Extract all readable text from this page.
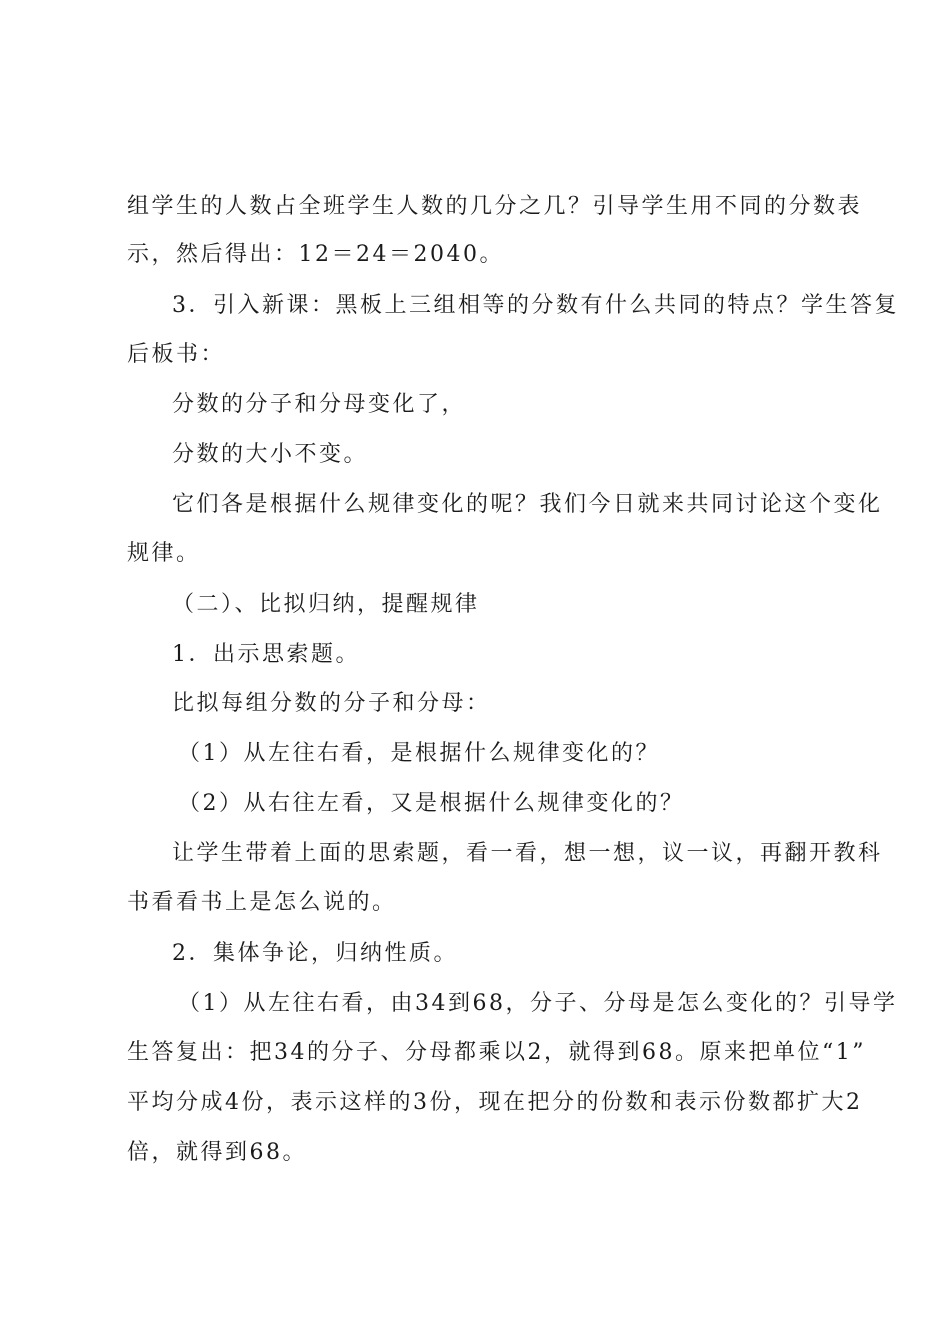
组学生的人数占全班学生人数的几分之几？引导学生用不同的分数表
示，然后得出：12＝24＝2040。
3．引入新课：黑板上三组相等的分数有什么共同的特点？学生答复
后板书：
分数的分子和分母变化了，
分数的大小不变。
它们各是根据什么规律变化的呢？我们今日就来共同讨论这个变化
规律。
（二）、比拟归纳，提醒规律
1．出示思索题。
比拟每组分数的分子和分母：
（1）从左往右看，是根据什么规律变化的？
（2）从右往左看，又是根据什么规律变化的？
让学生带着上面的思索题，看一看，想一想，议一议，再翻开教科
书看看书上是怎么说的。
2．集体争论，归纳性质。
（1）从左往右看，由34到68，分子、分母是怎么变化的？引导学
生答复出：把34的分子、分母都乘以2，就得到68。原来把单位“1”
平均分成4份，表示这样的3份，现在把分的份数和表示份数都扩大2
倍，就得到68。
